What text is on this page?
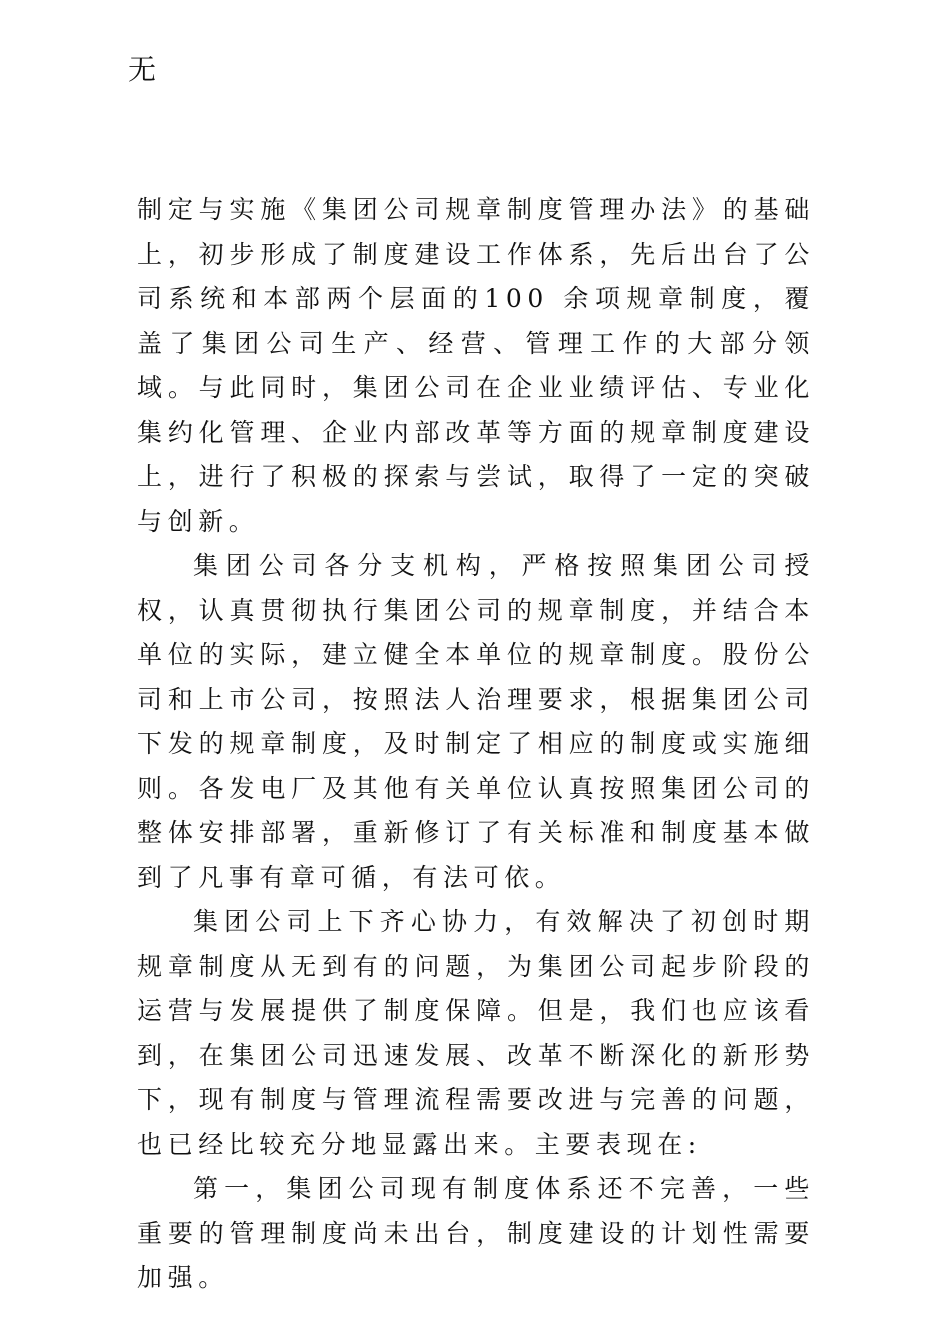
无

制定与实施《集团公司规章制度管理办法》的基础上，初步形成了制度建设工作体系，先后出台了公司系统和本部两个层面的100 余项规章制度，覆盖了集团公司生产、经营、管理工作的大部分领域。与此同时，集团公司在企业业绩评估、专业化集约化管理、企业内部改革等方面的规章制度建设上，进行了积极的探索与尝试，取得了一定的突破与创新。

集团公司各分支机构，严格按照集团公司授权，认真贯彻执行集团公司的规章制度，并结合本单位的实际，建立健全本单位的规章制度。股份公司和上市公司，按照法人治理要求，根据集团公司下发的规章制度，及时制定了相应的制度或实施细则。各发电厂及其他有关单位认真按照集团公司的整体安排部署，重新修订了有关标准和制度基本做到了凡事有章可循，有法可依。

集团公司上下齐心协力，有效解决了初创时期规章制度从无到有的问题，为集团公司起步阶段的运营与发展提供了制度保障。但是，我们也应该看到，在集团公司迅速发展、改革不断深化的新形势下，现有制度与管理流程需要改进与完善的问题，也已经比较充分地显露出来。主要表现在:

第一，集团公司现有制度体系还不完善，一些重要的管理制度尚未出台，制度建设的计划性需要加强。
